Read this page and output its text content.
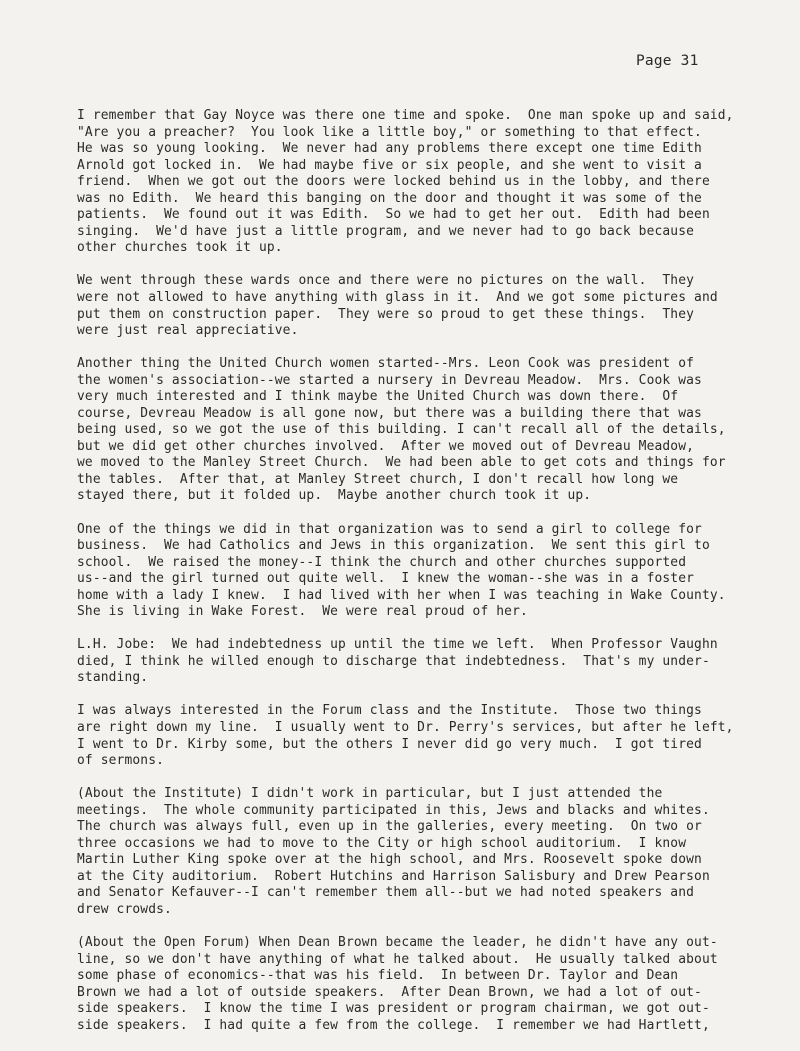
Page 31
I remember that Gay Noyce was there one time and spoke.  One man spoke up and said,
"Are you a preacher?  You look like a little boy," or something to that effect.
He was so young looking.  We never had any problems there except one time Edith
Arnold got locked in.  We had maybe five or six people, and she went to visit a
friend.  When we got out the doors were locked behind us in the lobby, and there
was no Edith.  We heard this banging on the door and thought it was some of the
patients.  We found out it was Edith.  So we had to get her out.  Edith had been
singing.  We'd have just a little program, and we never had to go back because
other churches took it up.
We went through these wards once and there were no pictures on the wall.  They
were not allowed to have anything with glass in it.  And we got some pictures and
put them on construction paper.  They were so proud to get these things.  They
were just real appreciative.
Another thing the United Church women started--Mrs. Leon Cook was president of
the women's association--we started a nursery in Devreau Meadow.  Mrs. Cook was
very much interested and I think maybe the United Church was down there.  Of
course, Devreau Meadow is all gone now, but there was a building there that was
being used, so we got the use of this building. I can't recall all of the details,
but we did get other churches involved.  After we moved out of Devreau Meadow,
we moved to the Manley Street Church.  We had been able to get cots and things for
the tables.  After that, at Manley Street church, I don't recall how long we
stayed there, but it folded up.  Maybe another church took it up.
One of the things we did in that organization was to send a girl to college for
business.  We had Catholics and Jews in this organization.  We sent this girl to
school.  We raised the money--I think the church and other churches supported
us--and the girl turned out quite well.  I knew the woman--she was in a foster
home with a lady I knew.  I had lived with her when I was teaching in Wake County.
She is living in Wake Forest.  We were real proud of her.
L.H. Jobe:  We had indebtedness up until the time we left.  When Professor Vaughn
died, I think he willed enough to discharge that indebtedness.  That's my under-
standing.
I was always interested in the Forum class and the Institute.  Those two things
are right down my line.  I usually went to Dr. Perry's services, but after he left,
I went to Dr. Kirby some, but the others I never did go very much.  I got tired
of sermons.
(About the Institute) I didn't work in particular, but I just attended the
meetings.  The whole community participated in this, Jews and blacks and whites.
The church was always full, even up in the galleries, every meeting.  On two or
three occasions we had to move to the City or high school auditorium.  I know
Martin Luther King spoke over at the high school, and Mrs. Roosevelt spoke down
at the City auditorium.  Robert Hutchins and Harrison Salisbury and Drew Pearson
and Senator Kefauver--I can't remember them all--but we had noted speakers and
drew crowds.
(About the Open Forum) When Dean Brown became the leader, he didn't have any out-
line, so we don't have anything of what he talked about.  He usually talked about
some phase of economics--that was his field.  In between Dr. Taylor and Dean
Brown we had a lot of outside speakers.  After Dean Brown, we had a lot of out-
side speakers.  I know the time I was president or program chairman, we got out-
side speakers.  I had quite a few from the college.  I remember we had Hartlett,
